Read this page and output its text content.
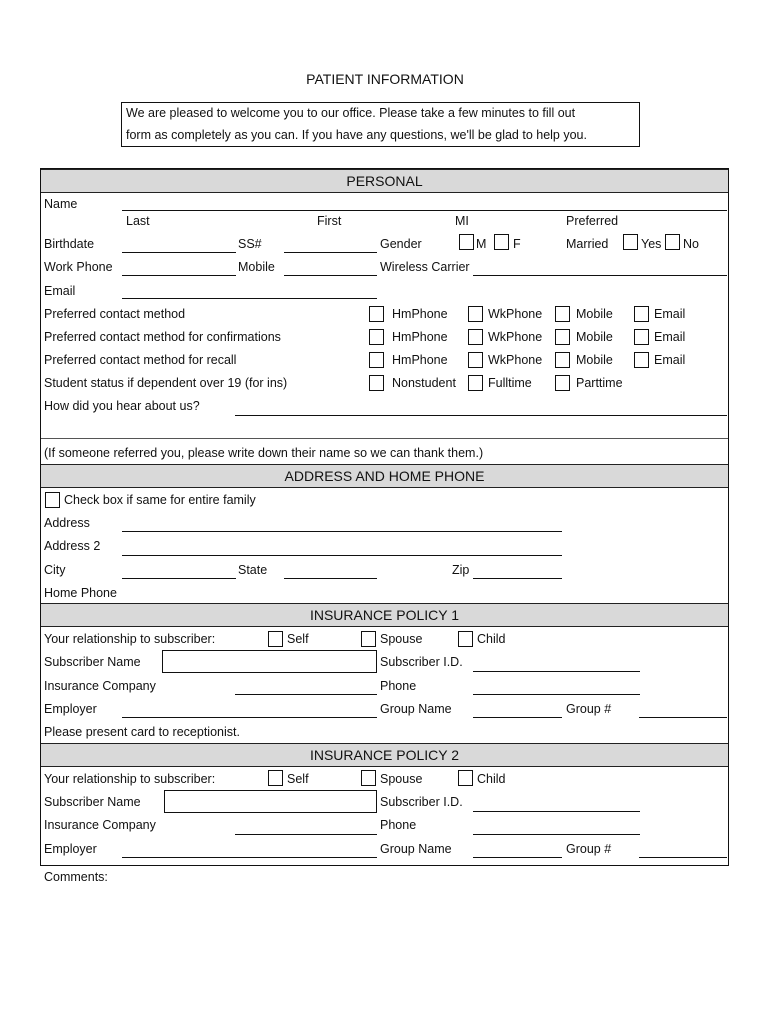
PATIENT INFORMATION
We are pleased to welcome you to our office. Please take a few minutes to fill out
form as completely as you can. If you have any questions, we'll be glad to help you.
PERSONAL
Name
Last	First	MI	Preferred
Birthdate	SS#	Gender	M F	Married	Yes No
Work Phone	Mobile	Wireless Carrier
Email
Preferred contact method	HmPhone	WkPhone	Mobile	Email
Preferred contact method for confirmations	HmPhone	WkPhone	Mobile	Email
Preferred contact method for recall	HmPhone	WkPhone	Mobile	Email
Student status if dependent over 19 (for ins)	Nonstudent	Fulltime	Parttime
How did you hear about us?
(If someone referred you, please write down their name so we can thank them.)
ADDRESS AND HOME PHONE
Check box if same for entire family
Address
Address 2
City	State	Zip
Home Phone
INSURANCE POLICY 1
Your relationship to subscriber:	Self	Spouse	Child
Subscriber Name	Subscriber I.D.
Insurance Company	Phone
Employer	Group Name	Group #
Please present card to receptionist.
INSURANCE POLICY 2
Your relationship to subscriber:	Self	Spouse	Child
Subscriber Name	Subscriber I.D.
Insurance Company	Phone
Employer	Group Name	Group #
Comments:
